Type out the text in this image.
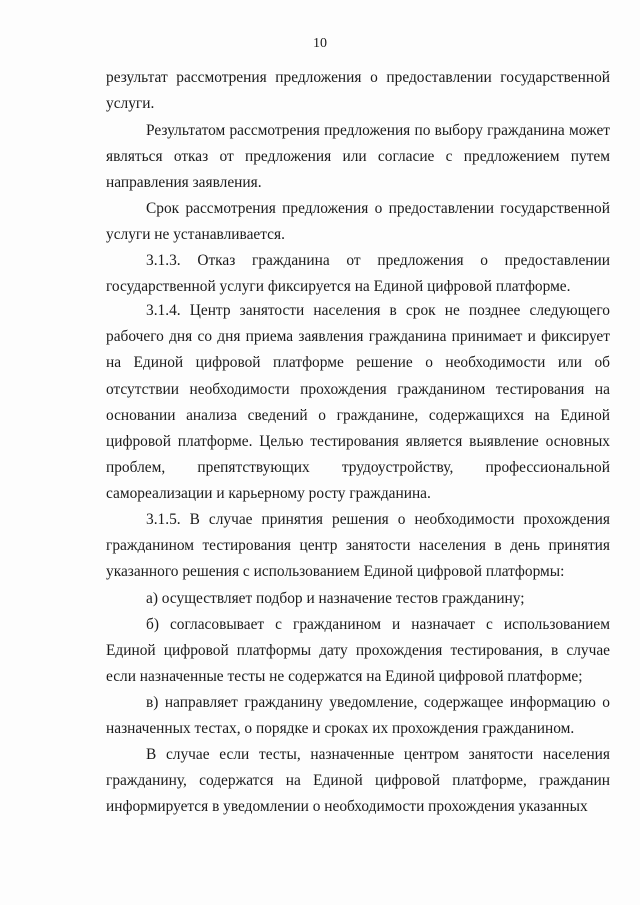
10

результат рассмотрения предложения о предоставлении государственной услуги.

Результатом рассмотрения предложения по выбору гражданина может являться отказ от предложения или согласие с предложением путем направления заявления.

Срок рассмотрения предложения о предоставлении государственной услуги не устанавливается.

3.1.3. Отказ гражданина от предложения о предоставлении государственной услуги фиксируется на Единой цифровой платформе.

3.1.4. Центр занятости населения в срок не позднее следующего рабочего дня со дня приема заявления гражданина принимает и фиксирует на Единой цифровой платформе решение о необходимости или об отсутствии необходимости прохождения гражданином тестирования на основании анализа сведений о гражданине, содержащихся на Единой цифровой платформе. Целью тестирования является выявление основных проблем, препятствующих трудоустройству, профессиональной самореализации и карьерному росту гражданина.

3.1.5. В случае принятия решения о необходимости прохождения гражданином тестирования центр занятости населения в день принятия указанного решения с использованием Единой цифровой платформы:

а) осуществляет подбор и назначение тестов гражданину;

б) согласовывает с гражданином и назначает с использованием Единой цифровой платформы дату прохождения тестирования, в случае если назначенные тесты не содержатся на Единой цифровой платформе;

в) направляет гражданину уведомление, содержащее информацию о назначенных тестах, о порядке и сроках их прохождения гражданином.

В случае если тесты, назначенные центром занятости населения гражданину, содержатся на Единой цифровой платформе, гражданин информируется в уведомлении о необходимости прохождения указанных
